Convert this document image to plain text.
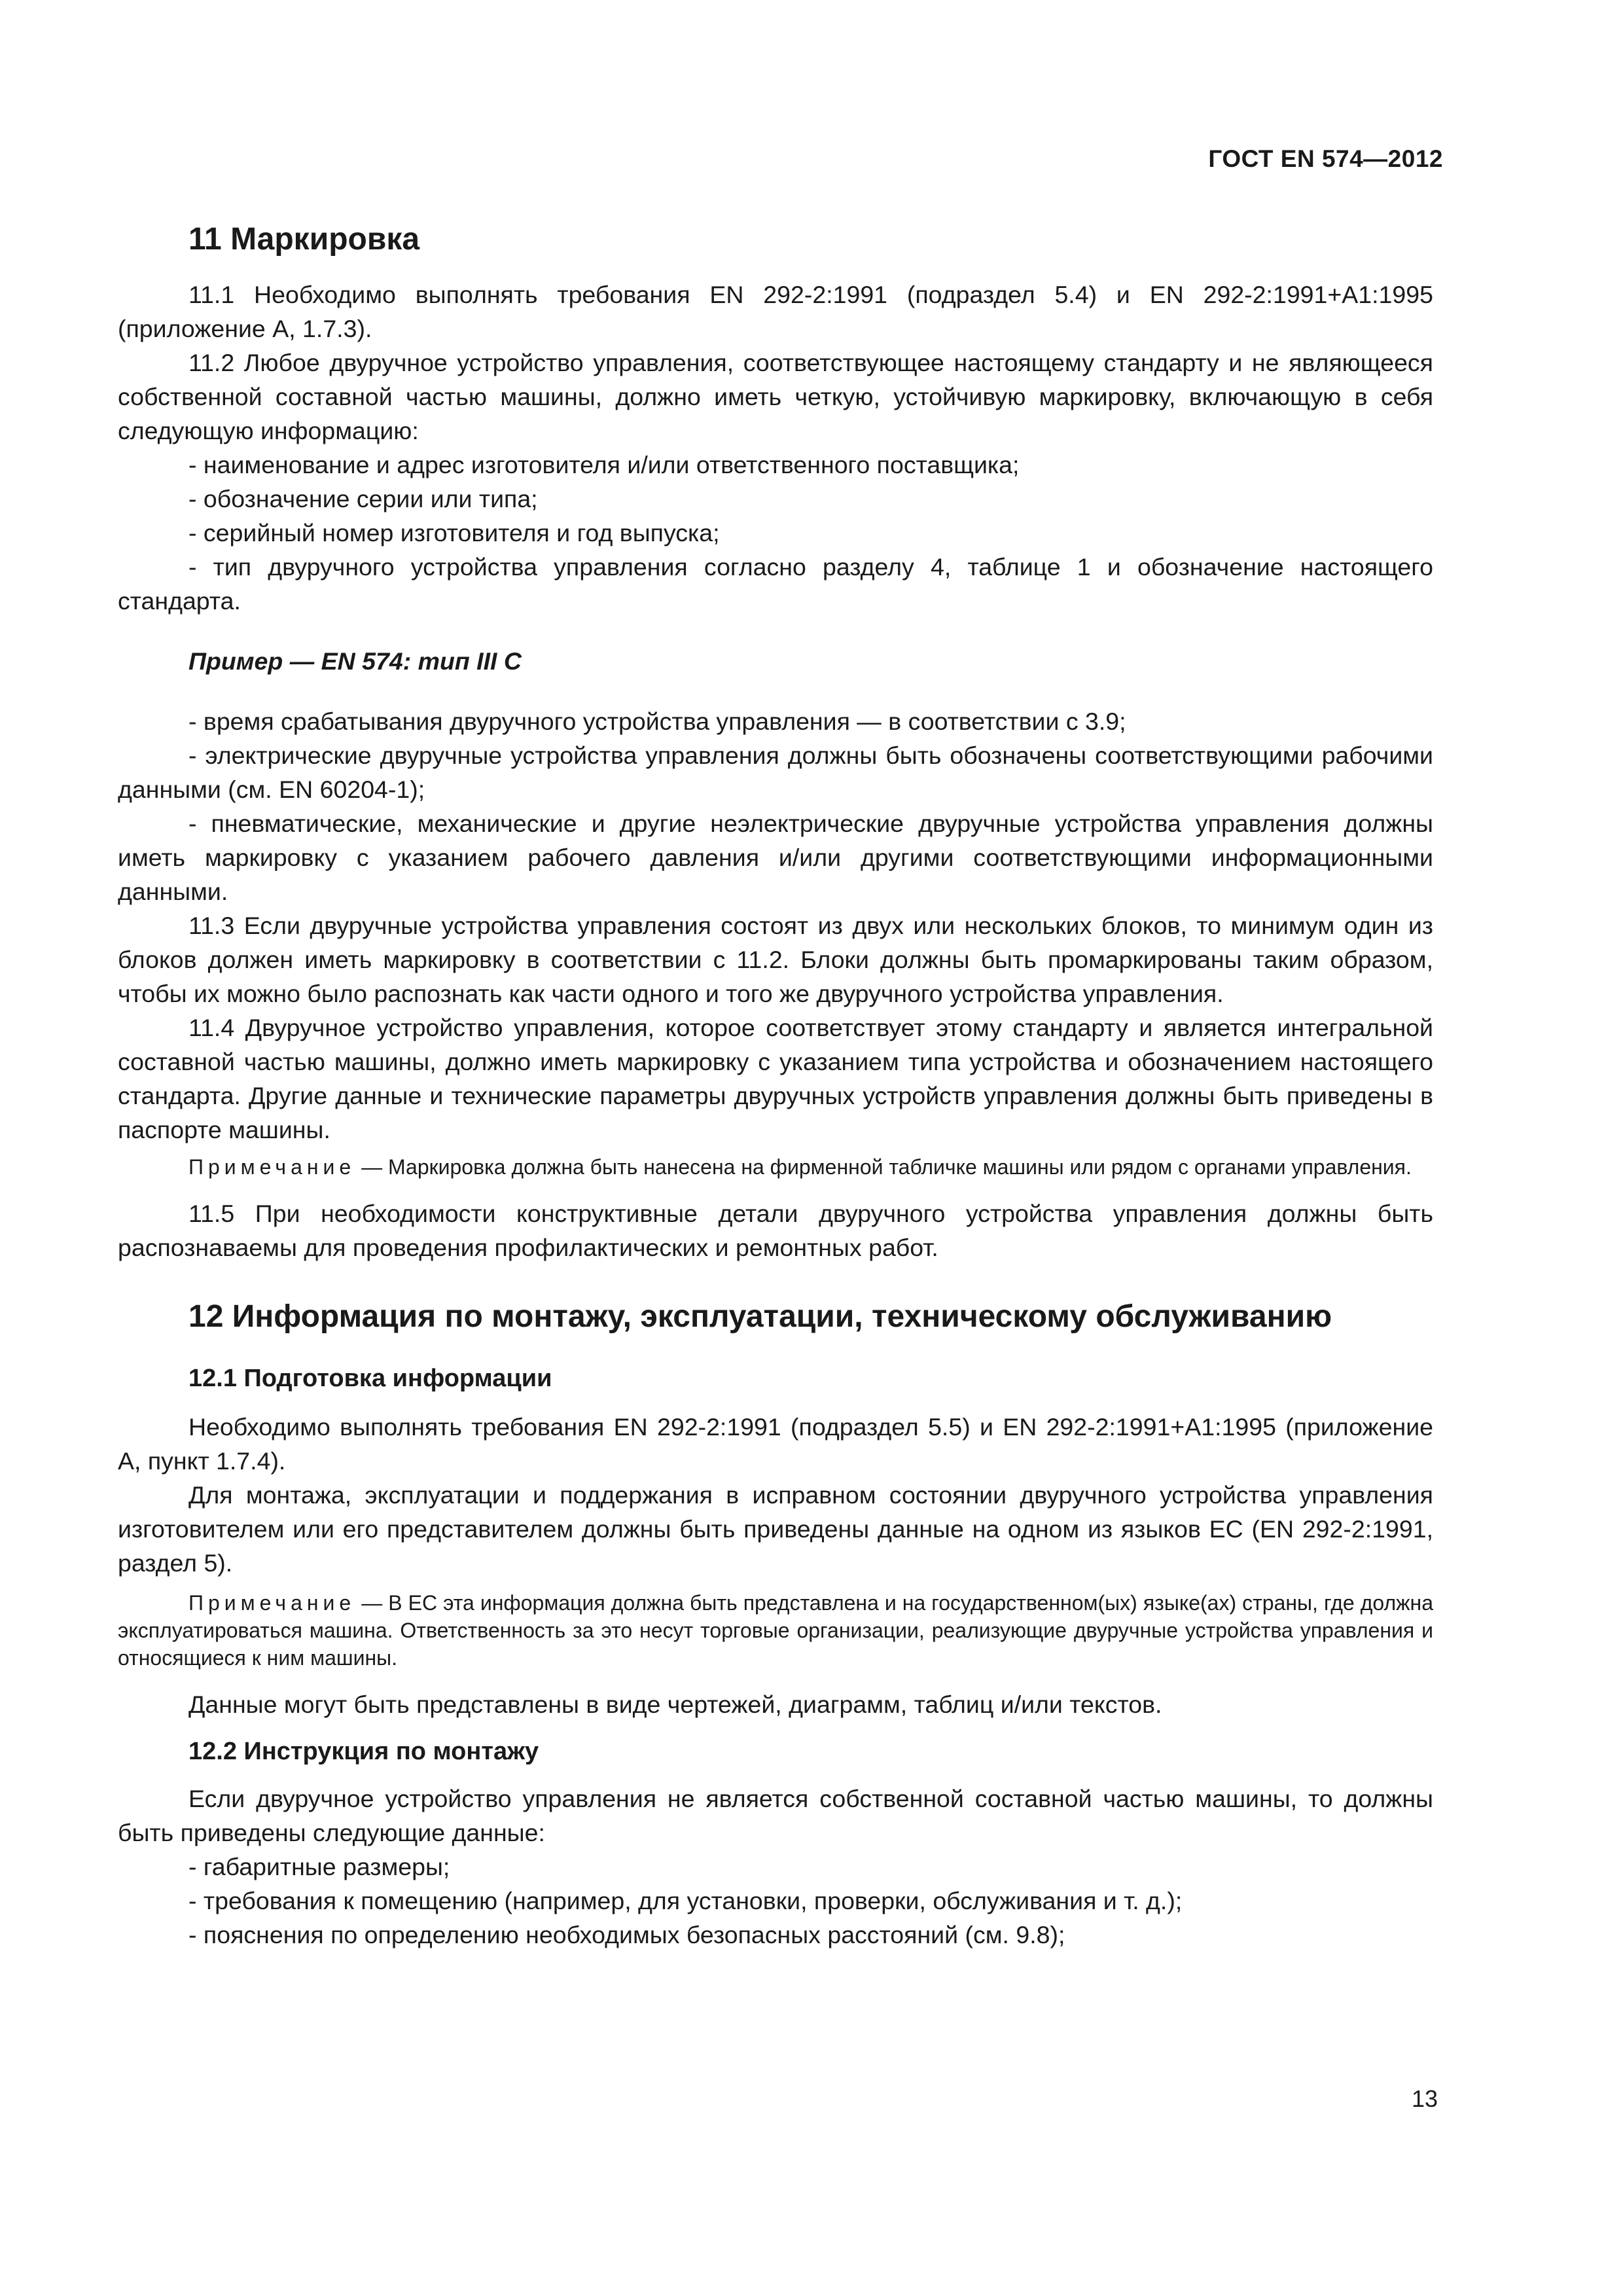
ГОСТ EN 574—2012
11 Маркировка

11.1 Необходимо выполнять требования EN 292-2:1991 (подраздел 5.4) и EN 292-2:1991+А1:1995 (приложение А, 1.7.3).

11.2 Любое двуручное устройство управления, соответствующее настоящему стандарту и не являющееся собственной составной частью машины, должно иметь четкую, устойчивую маркировку, включающую в себя следующую информацию:

- наименование и адрес изготовителя и/или ответственного поставщика;

- обозначение серии или типа;

- серийный номер изготовителя и год выпуска;

- тип двуручного устройства управления согласно разделу 4, таблице 1 и обозначение настоящего стандарта.

Пример — EN 574: тип III C

- время срабатывания двуручного устройства управления — в соответствии с 3.9;

- электрические двуручные устройства управления должны быть обозначены соответствующими рабочими данными (см. EN 60204-1);

- пневматические, механические и другие неэлектрические двуручные устройства управления должны иметь маркировку с указанием рабочего давления и/или другими соответствующими информационными данными.

11.3 Если двуручные устройства управления состоят из двух или нескольких блоков, то минимум один из блоков должен иметь маркировку в соответствии с 11.2. Блоки должны быть промаркированы таким образом, чтобы их можно было распознать как части одного и того же двуручного устройства управления.

11.4 Двуручное устройство управления, которое соответствует этому стандарту и является интегральной составной частью машины, должно иметь маркировку с указанием типа устройства и обозначением настоящего стандарта. Другие данные и технические параметры двуручных устройств управления должны быть приведены в паспорте машины.

Примечание — Маркировка должна быть нанесена на фирменной табличке машины или рядом с органами управления.

11.5 При необходимости конструктивные детали двуручного устройства управления должны быть распознаваемы для проведения профилактических и ремонтных работ.

12 Информация по монтажу, эксплуатации, техническому обслуживанию
12.1 Подготовка информации

Необходимо выполнять требования EN 292-2:1991 (подраздел 5.5) и EN 292-2:1991+А1:1995 (приложение А, пункт 1.7.4).

Для монтажа, эксплуатации и поддержания в исправном состоянии двуручного устройства управления изготовителем или его представителем должны быть приведены данные на одном из языков ЕС (EN 292-2:1991, раздел 5).

Примечание — В ЕС эта информация должна быть представлена и на государственном(ых) языке(ах) страны, где должна эксплуатироваться машина. Ответственность за это несут торговые организации, реализующие двуручные устройства управления и относящиеся к ним машины.

Данные могут быть представлены в виде чертежей, диаграмм, таблиц и/или текстов.

12.2 Инструкция по монтажу

Если двуручное устройство управления не является собственной составной частью машины, то должны быть приведены следующие данные:

- габаритные размеры;

- требования к помещению (например, для установки, проверки, обслуживания и т. д.);

- пояснения по определению необходимых безопасных расстояний (см. 9.8);

13
